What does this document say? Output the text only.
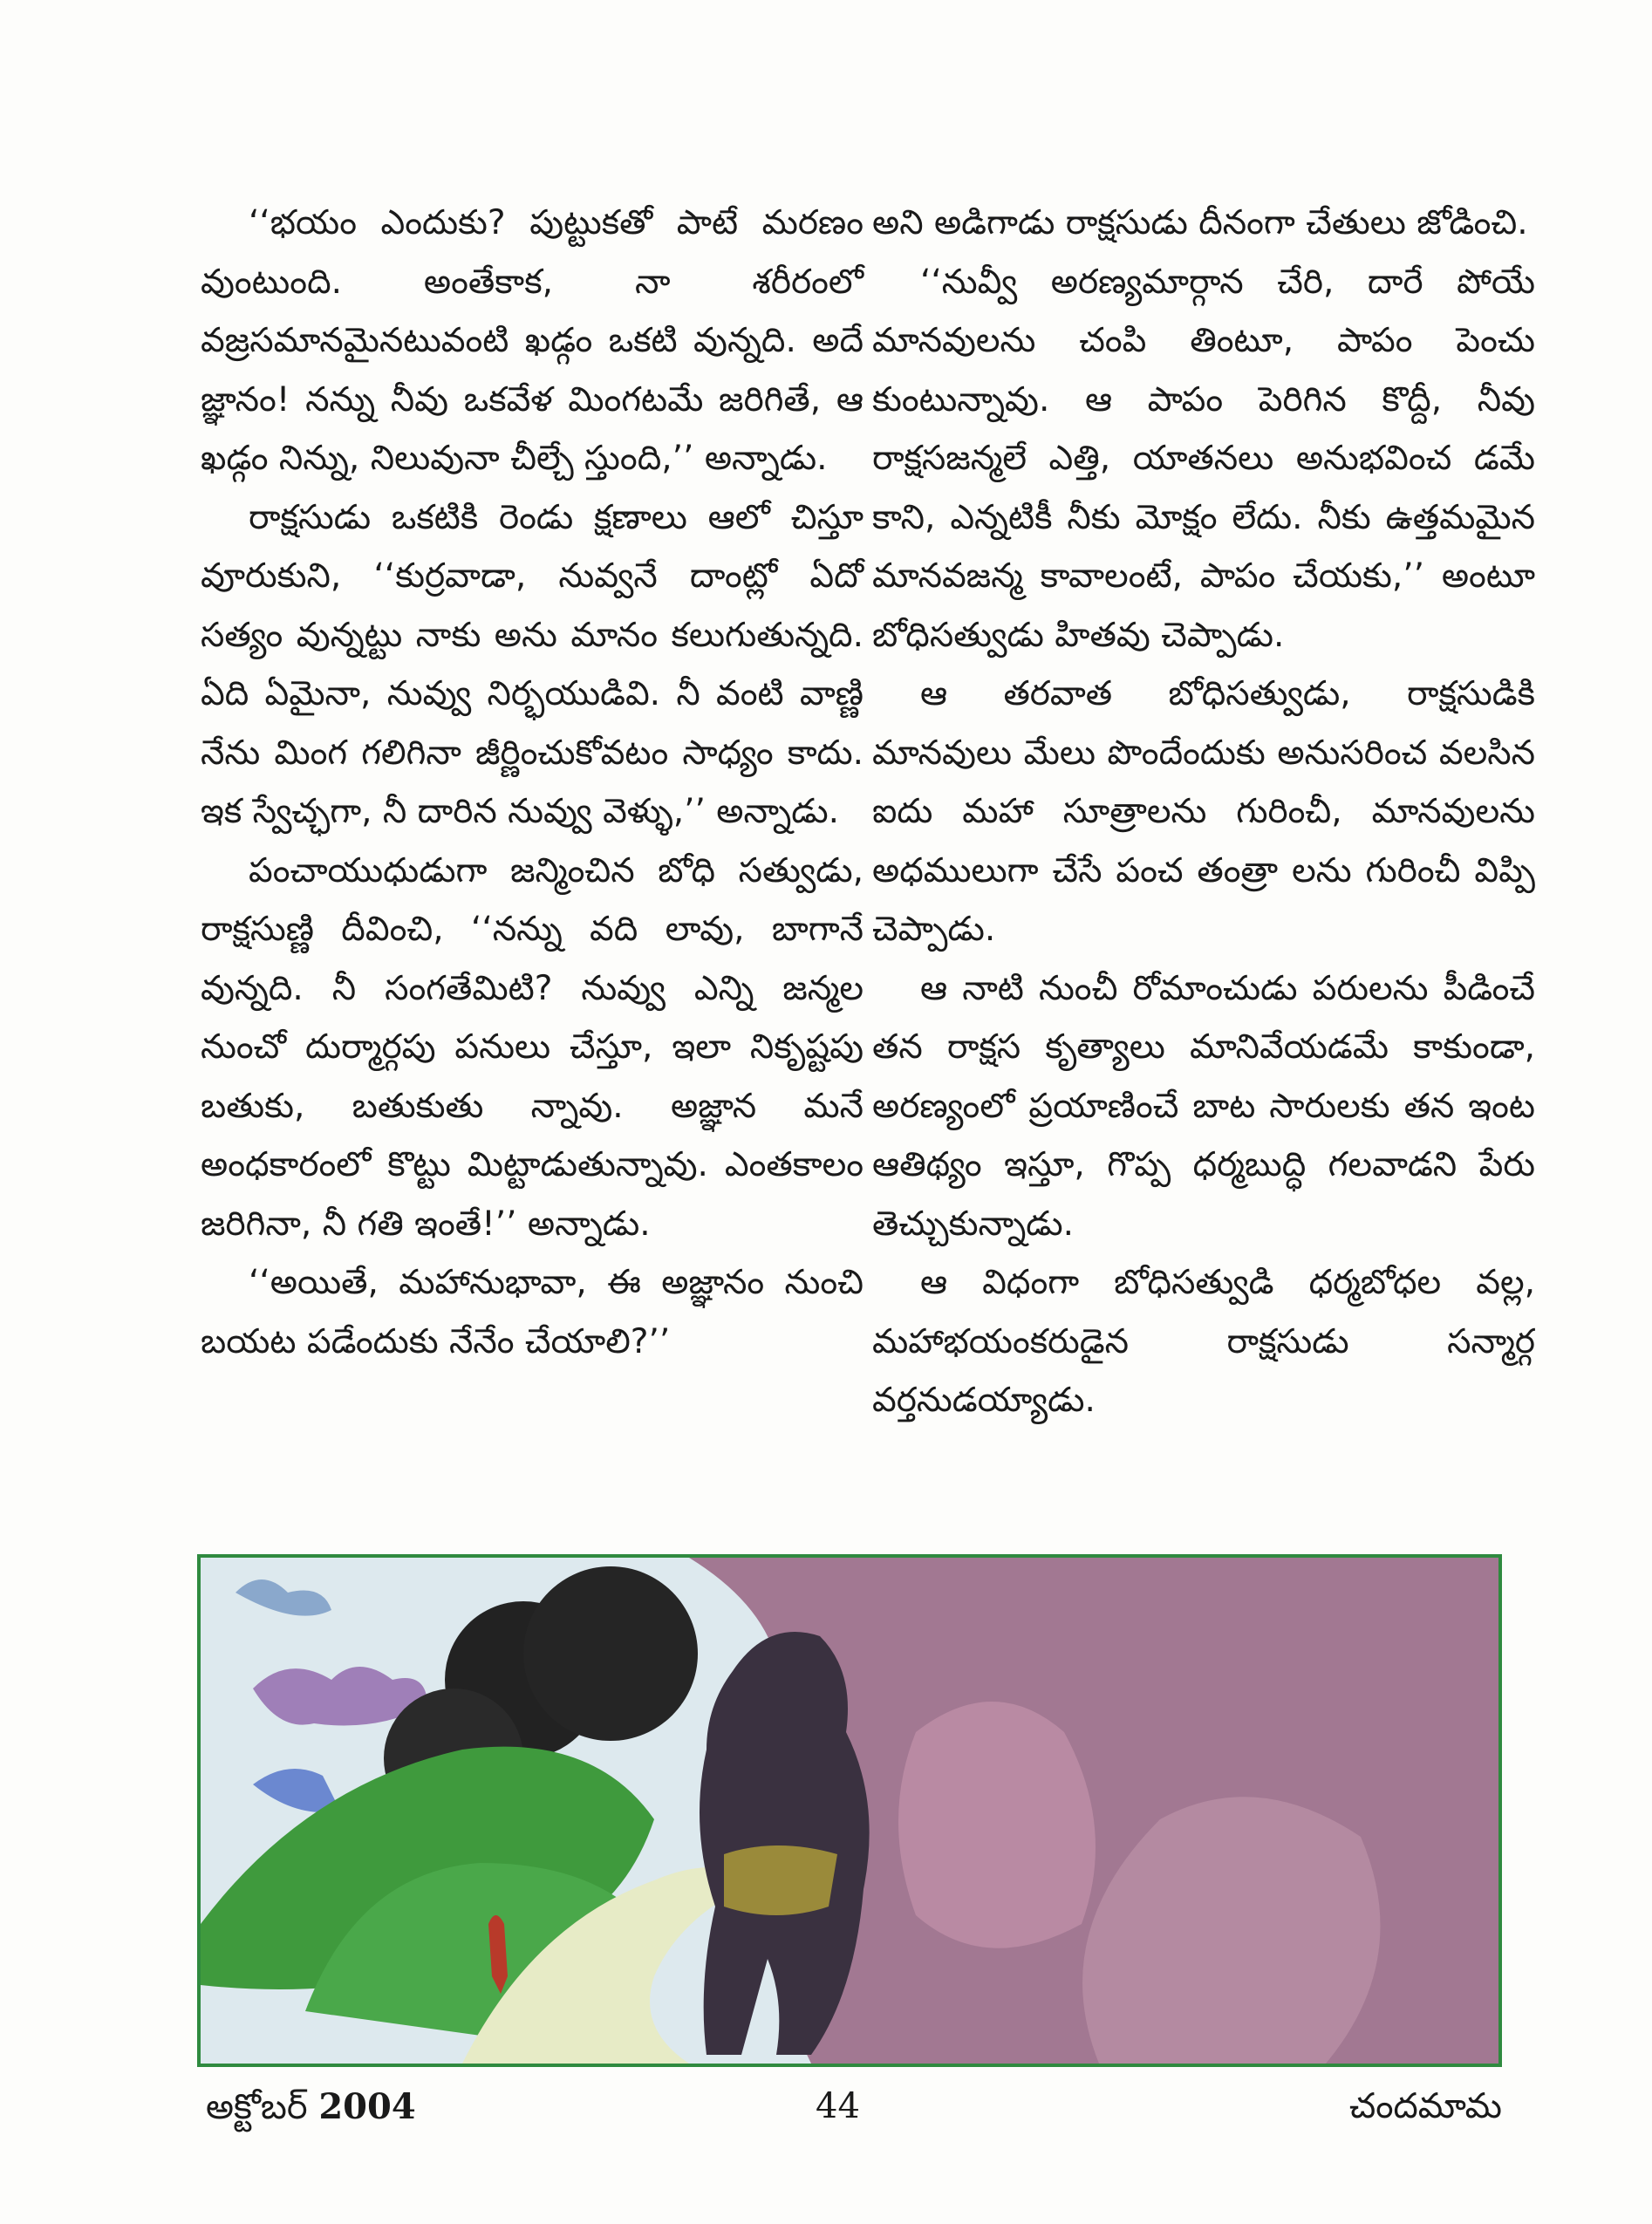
‘‘భయం ఎందుకు? పుట్టుకతో పాటే మరణం వుంటుంది. అంతేకాక, నా శరీరంలో వజ్రసమానమైనటువంటి ఖడ్గం ఒకటి వున్నది. అదే జ్ఞానం! నన్ను నీవు ఒకవేళ మింగటమే జరిగితే, ఆ ఖడ్గం నిన్ను, నిలువునా చీల్చే స్తుంది,’’ అన్నాడు.

రాక్షసుడు ఒకటికి రెండు క్షణాలు ఆలో చిస్తూ వూరుకుని, ‘‘కుర్రవాడా, నువ్వనే దాంట్లో ఏదో సత్యం వున్నట్టు నాకు అను మానం కలుగుతున్నది. ఏది ఏమైనా, నువ్వు నిర్భయుడివి. నీ వంటి వాణ్ణి నేను మింగ గలిగినా జీర్ణించుకోవటం సాధ్యం కాదు. ఇక స్వేచ్ఛగా, నీ దారిన నువ్వు వెళ్ళు,’’ అన్నాడు.

పంచాయుధుడుగా జన్మించిన బోధి సత్వుడు, రాక్షసుణ్ణి దీవించి, ‘‘నన్ను వది లావు, బాగానే వున్నది. నీ సంగతేమిటి? నువ్వు ఎన్ని జన్మల నుంచో దుర్మార్గపు పనులు చేస్తూ, ఇలా నికృష్టపు బతుకు, బతుకుతు న్నావు. అజ్ఞాన మనే అంధకారంలో కొట్టు మిట్టాడుతున్నావు. ఎంతకాలం జరిగినా, నీ గతి ఇంతే!’’ అన్నాడు.

‘‘అయితే, మహానుభావా, ఈ అజ్ఞానం నుంచి బయట పడేందుకు నేనేం చేయాలి?’’

అని అడిగాడు రాక్షసుడు దీనంగా చేతులు జోడించి.

‘‘నువ్వీ అరణ్యమార్గాన చేరి, దారే పోయే మానవులను చంపి తింటూ, పాపం పెంచు కుంటున్నావు. ఆ పాపం పెరిగిన కొద్దీ, నీవు రాక్షసజన్మలే ఎత్తి, యాతనలు అనుభవించ డమే కాని, ఎన్నటికీ నీకు మోక్షం లేదు. నీకు ఉత్తమమైన మానవజన్మ కావాలంటే, పాపం చేయకు,’’ అంటూ బోధిసత్వుడు హితవు చెప్పాడు.

ఆ తరవాత బోధిసత్వుడు, రాక్షసుడికి మానవులు మేలు పొందేందుకు అనుసరించ వలసిన ఐదు మహా సూత్రాలను గురించీ, మానవులను అధములుగా చేసే పంచ తంత్రా లను గురించీ విప్పి చెప్పాడు.

ఆ నాటి నుంచీ రోమాంచుడు పరులను పీడించే తన రాక్షస కృత్యాలు మానివేయడమే కాకుండా, అరణ్యంలో ప్రయాణించే బాట సారులకు తన ఇంట ఆతిథ్యం ఇస్తూ, గొప్ప ధర్మబుద్ధి గలవాడని పేరు తెచ్చుకున్నాడు.

ఆ విధంగా బోధిసత్వుడి ధర్మబోధల వల్ల, మహాభయంకరుడైన రాక్షసుడు సన్మార్గ వర్తనుడయ్యాడు.

అక్టోబర్ 2004	44	చందమామ
